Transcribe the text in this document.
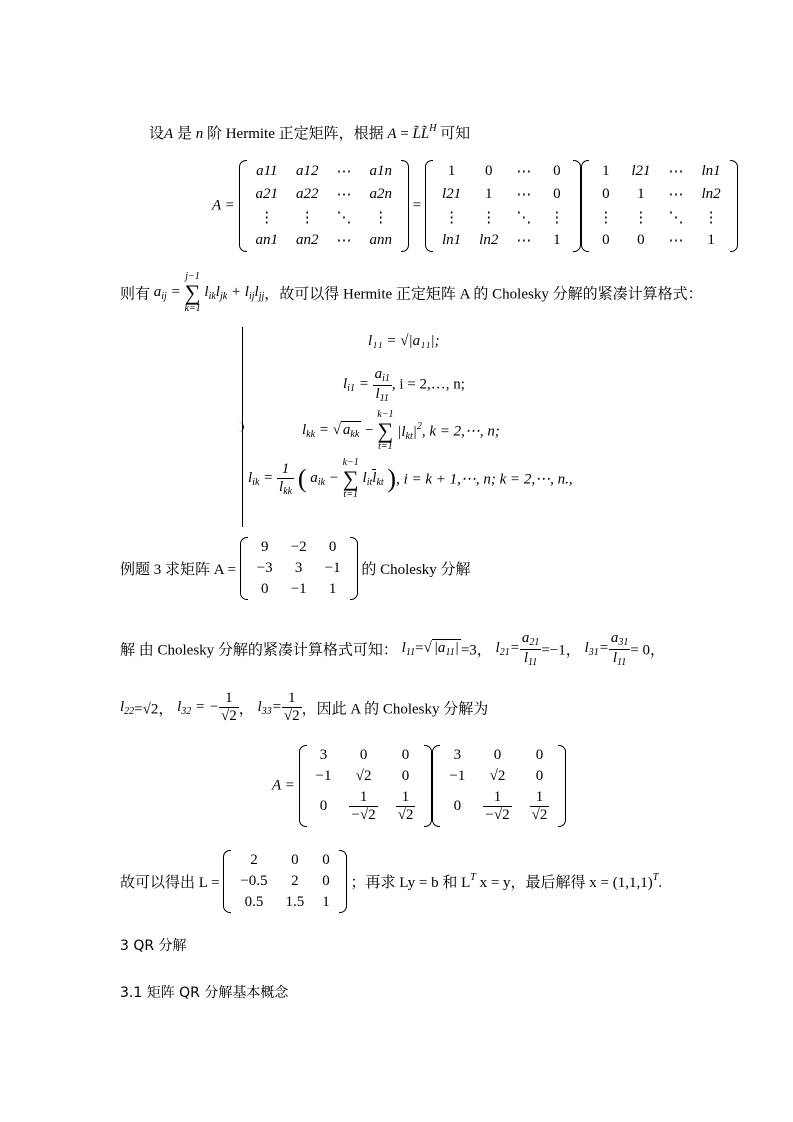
设A 是 n 阶 Hermite 正定矩阵，根据 A = L̃L̃$^H$ 可知
A =
a11	a12	⋯	a1n
a21	a22	⋯	a2n
⋮	⋮	⋱	⋮
an1	an2	⋯	ann
=
1	0	⋯	0
l21	1	⋯	0
⋮	⋮	⋱	⋮
ln1	ln2	⋯	1
1	l21	⋯	ln1
0	1	⋯	ln2
⋮	⋮	⋱	⋮
0	0	⋯	1
则有 $a_{ij}$ =
j−1
∑
k=1
$l_{ik}l_{jk} + l_{ij}l_{jj}$，故可以得 Hermite 正定矩阵 A 的 Cholesky 分解的紧凑计算格式：
l₁₁ = √|a₁₁|;
$l_{i1} = \frac{a_{i1}}{l_{11}}$ , i = 2,…, n;
$l_{kk}$ = √ $a_{kk}$ −
k−1
∑
t=1
$|l_{kt}|^2$, k = 2,⋯, n;
$l_{ik} = \frac{1}{l_{kk}}$ ( $a_{ik}$ −
k−1
∑
t=1
$l_{it}l_{kt}$ ), i = k + 1,⋯, n; k = 2,⋯, n.,
例题 3 求矩阵 A =
9	−2	0
−3	3	−1
0	−1	1
的 Cholesky 分解
解 由 Cholesky 分解的紧凑计算格式可知： $l_{11}=√$ $|a_{11}| =3$， $l_{21}= \frac{a_{21}}{l_{11}} =-1$， $l_{31}= \frac{a_{31}}{l_{11}} = 0$，
$l_{22}=√2$， $l_{32}$ = − $\frac{1}{√2}$ ， $l_{33}= \frac{1}{√2}$ ，因此 A 的 Cholesky 分解为
A =
3	0	0
−1	√2	0
0	$\frac{1}{-√2}$	$\frac{1}{√2}$
3	0	0
−1	√2	0
0	$\frac{1}{-√2}$	$\frac{1}{√2}$
故可以得出 L =
2	0	0
−0.5	2	0
0.5	1.5	1
；再求 Ly = b 和 $L^T$ x = y，最后解得 $x = (1,1,1)^T$.
3 QR 分解
3.1 矩阵 QR 分解基本概念
